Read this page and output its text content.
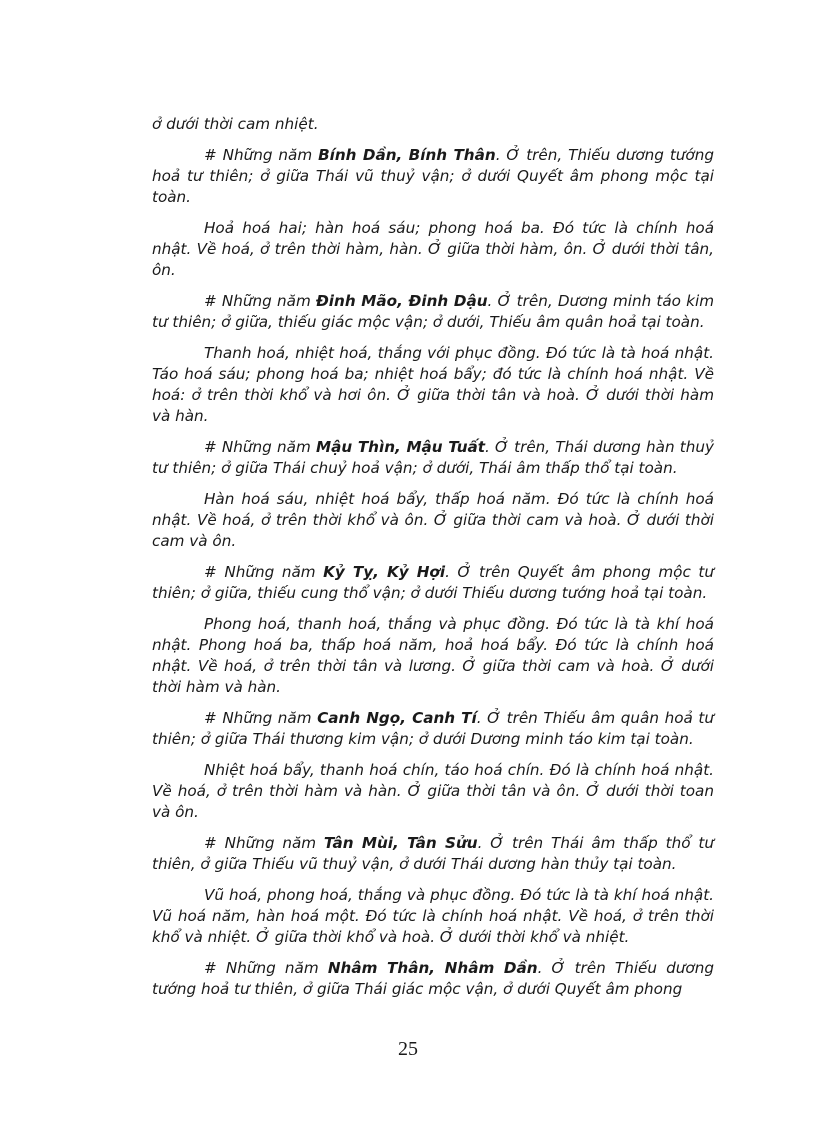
ở dưới thời cam nhiệt.

# Những năm Bính Dần, Bính Thân. Ở trên, Thiếu dương tướng hoả tư thiên; ở giữa Thái vũ thuỷ vận; ở dưới Quyết âm phong mộc tại toàn.

Hoả hoá hai; hàn hoá sáu; phong hoá ba. Đó tức là chính hoá nhật. Về hoá, ở trên thời hàm, hàn. Ở giữa thời hàm, ôn. Ở dưới thời tân, ôn.

# Những năm Đinh Mão, Đinh Dậu. Ở trên, Dương minh táo kim tư thiên; ở giữa, thiếu giác mộc vận; ở dưới, Thiếu âm quân hoả tại toàn.

Thanh hoá, nhiệt hoá, thắng với phục đồng. Đó tức là tà hoá nhật. Táo hoá sáu; phong hoá ba; nhiệt hoá bẩy; đó tức là chính hoá nhật. Về hoá: ở trên thời khổ và hơi ôn. Ở giữa thời tân và hoà. Ở dưới thời hàm và hàn.

# Những năm Mậu Thìn, Mậu Tuất. Ở trên, Thái dương hàn thuỷ tư thiên; ở giữa Thái chuỷ hoả vận; ở dưới, Thái âm thấp thổ tại toàn.

Hàn hoá sáu, nhiệt hoá bẩy, thấp hoá năm. Đó tức là chính hoá nhật. Về hoá, ở trên thời khổ và ôn. Ở giữa thời cam và hoà. Ở dưới thời cam và ôn.

# Những năm Kỷ Tỵ, Kỷ Hợi. Ở trên Quyết âm phong mộc tư thiên; ở giữa, thiếu cung thổ vận; ở dưới Thiếu dương tướng hoả tại toàn.

Phong hoá, thanh hoá, thắng và phục đồng. Đó tức là tà khí hoá nhật. Phong hoá ba, thấp hoá năm, hoả hoá bẩy. Đó tức là chính hoá nhật. Về hoá, ở trên thời tân và lương. Ở giữa thời cam và hoà. Ở dưới thời hàm và hàn.

# Những năm Canh Ngọ, Canh Tí. Ở trên Thiếu âm quân hoả tư thiên; ở giữa Thái thương kim vận; ở dưới Dương minh táo kim tại toàn.

Nhiệt hoá bẩy, thanh hoá chín, táo hoá chín. Đó là chính hoá nhật. Về hoá, ở trên thời hàm và hàn. Ở giữa thời tân và ôn. Ở dưới thời toan và ôn.

# Những năm Tân Mùi, Tân Sửu. Ở trên Thái âm thấp thổ tư thiên, ở giữa Thiếu vũ thuỷ vận, ở dưới Thái dương hàn thủy tại toàn.

Vũ hoá, phong hoá, thắng và phục đồng. Đó tức là tà khí hoá nhật. Vũ hoá năm, hàn hoá một. Đó tức là chính hoá nhật. Về hoá, ở trên thời khổ và nhiệt. Ở giữa thời khổ và hoà. Ở dưới thời khổ và nhiệt.

# Những năm Nhâm Thân, Nhâm Dần. Ở trên Thiếu dương tướng hoả tư thiên, ở giữa Thái giác mộc vận, ở dưới Quyết âm phong

25
